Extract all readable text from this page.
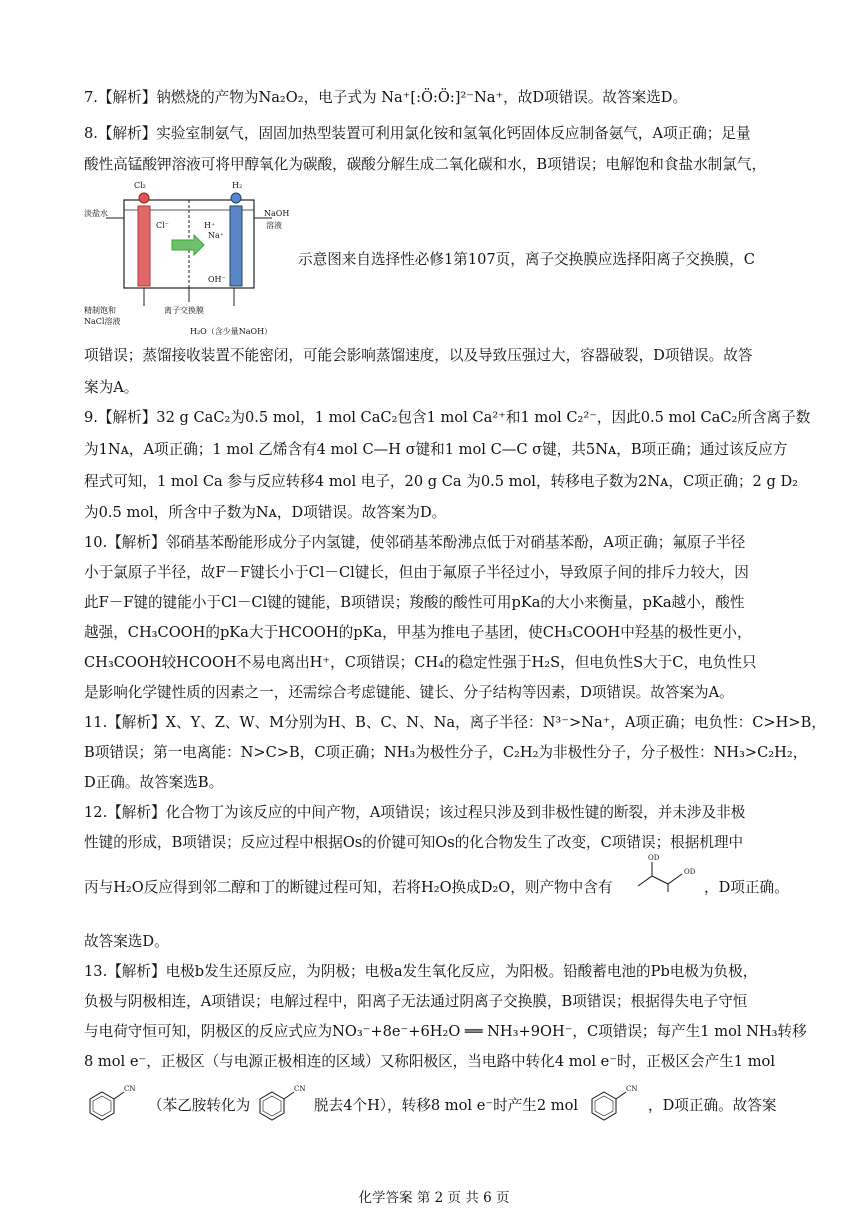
7.【解析】钠燃烧的产物为Na₂O₂，电子式为 Na⁺[:Ö:Ö:]²⁻Na⁺，故D项错误。故答案选D。
8.【解析】实验室制氨气，固固加热型装置可利用氯化铵和氢氧化钙固体反应制备氨气，A项正确；足量
酸性高锰酸钾溶液可将甲醇氧化为碳酸，碳酸分解生成二氧化碳和水，B项错误；电解饱和食盐水制氯气，
Cl₂	H₂
淡盐水	NaOH
溶液
Cl⁻	H⁺
Na⁺
OH⁻
精制饱和
NaCl溶液
离子交换膜
H₂O（含少量NaOH）
示意图来自选择性必修1第107页，离子交换膜应选择阳离子交换膜，C
项错误；蒸馏接收装置不能密闭，可能会影响蒸馏速度，以及导致压强过大，容器破裂，D项错误。故答
案为A。
9.【解析】32 g CaC₂为0.5 mol，1 mol CaC₂包含1 mol Ca²⁺和1 mol C₂²⁻，因此0.5 mol CaC₂所含离子数
为1Nᴀ，A项正确；1 mol 乙烯含有4 mol C—H σ键和1 mol C—C σ键，共5Nᴀ，B项正确；通过该反应方
程式可知，1 mol Ca 参与反应转移4 mol 电子，20 g Ca 为0.5 mol，转移电子数为2Nᴀ，C项正确；2 g D₂
为0.5 mol，所含中子数为Nᴀ，D项错误。故答案为D。
10.【解析】邻硝基苯酚能形成分子内氢键，使邻硝基苯酚沸点低于对硝基苯酚，A项正确；氟原子半径
小于氯原子半径，故F－F键长小于Cl－Cl键长，但由于氟原子半径过小，导致原子间的排斥力较大，因
此F－F键的键能小于Cl－Cl键的键能，B项错误；羧酸的酸性可用pKa的大小来衡量，pKa越小，酸性
越强，CH₃COOH的pKa大于HCOOH的pKa，甲基为推电子基团，使CH₃COOH中羟基的极性更小，
CH₃COOH较HCOOH不易电离出H⁺，C项错误；CH₄的稳定性强于H₂S，但电负性S大于C，电负性只
是影响化学键性质的因素之一，还需综合考虑键能、键长、分子结构等因素，D项错误。故答案为A。
11.【解析】X、Y、Z、W、M分别为H、B、C、N、Na，离子半径：N³⁻>Na⁺，A项正确；电负性：C>H>B，
B项错误；第一电离能：N>C>B，C项正确；NH₃为极性分子，C₂H₂为非极性分子，分子极性：NH₃>C₂H₂，
D正确。故答案选B。
12.【解析】化合物丁为该反应的中间产物，A项错误；该过程只涉及到非极性键的断裂，并未涉及非极
性键的形成，B项错误；反应过程中根据Os的价键可知Os的化合物发生了改变，C项错误；根据机理中
丙与H₂O反应得到邻二醇和丁的断键过程可知，若将H₂O换成D₂O，则产物中含有
OD
OD
，D项正确。
故答案选D。
13.【解析】电极b发生还原反应，为阴极；电极a发生氧化反应，为阳极。铅酸蓄电池的Pb电极为负极，
负极与阴极相连，A项错误；电解过程中，阳离子无法通过阴离子交换膜，B项错误；根据得失电子守恒
与电荷守恒可知，阴极区的反应式应为NO₃⁻+8e⁻+6H₂O ══ NH₃+9OH⁻，C项错误；每产生1 mol NH₃转移
8 mol e⁻，正极区（与电源正极相连的区域）又称阳极区，当电路中转化4 mol e⁻时，正极区会产生1 mol
CN
（苯乙胺转化为
CN
脱去4个H），转移8 mol e⁻时产生2 mol
CN
，D项正确。故答案
化学答案 第 2 页 共 6 页
